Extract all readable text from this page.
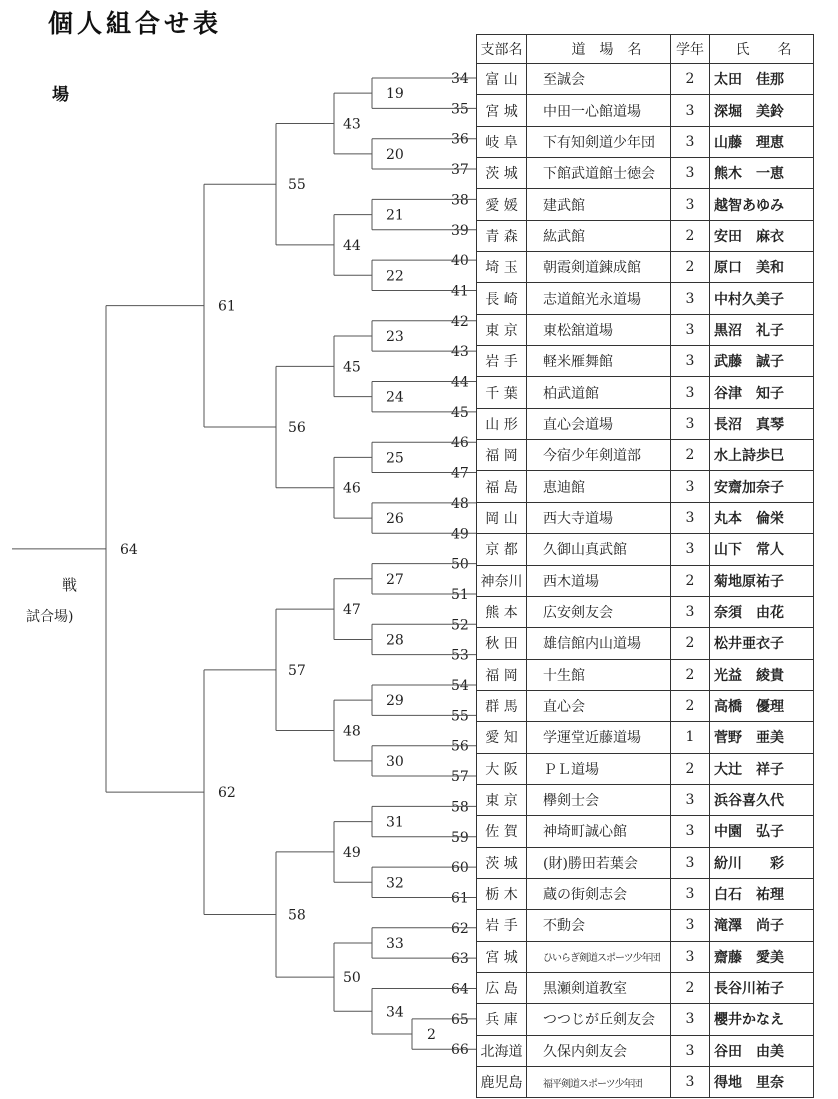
個人組合せ表
場
戦
試合場)
34
35
36
37
38
39
40
41
42
43
44
45
46
47
48
49
50
51
52
53
54
55
56
57
58
59
60
61
62
63
64
65
66
2
19
20
21
22
23
24
25
26
27
28
29
30
31
32
33
34
43
44
45
46
47
48
49
50
55
56
57
58
61
62
64
支部名	道　場　名	学年	氏　　名
富 山	至誠会	2	太田　佳那
宮 城	中田一心館道場	3	深堀　美鈴
岐 阜	下有知剣道少年団	3	山藤　理恵
茨 城	下館武道館士徳会	3	熊木　一恵
愛 媛	建武館	3	越智あゆみ
青 森	紘武館	2	安田　麻衣
埼 玉	朝霞剣道錬成館	2	原口　美和
長 崎	志道館光永道場	3	中村久美子
東 京	東松舘道場	3	黒沼　礼子
岩 手	軽米雁舞館	3	武藤　誠子
千 葉	柏武道館	3	谷津　知子
山 形	直心会道場	3	長沼　真琴
福 岡	今宿少年剣道部	2	水上詩歩巳
福 島	恵迪館	3	安齋加奈子
岡 山	西大寺道場	3	丸本　倫栄
京 都	久御山真武館	3	山下　常人
神奈川	西木道場	2	菊地原祐子
熊 本	広安剣友会	3	奈須　由花
秋 田	雄信館内山道場	2	松井亜衣子
福 岡	十生館	2	光益　綾貴
群 馬	直心会	2	高橋　優理
愛 知	学運堂近藤道場	1	菅野　亜美
大 阪	ＰＬ道場	2	大辻　祥子
東 京	欅剣士会	3	浜谷喜久代
佐 賀	神埼町誠心館	3	中園　弘子
茨 城	(財)勝田若葉会	3	紛川　　彩
栃 木	蔵の街剣志会	3	白石　祐理
岩 手	不動会	3	滝澤　尚子
宮 城	ひいらぎ剣道スポーツ少年団	3	齋藤　愛美
広 島	黒瀬剣道教室	2	長谷川祐子
兵 庫	つつじが丘剣友会	3	櫻井かなえ
北海道	久保内剣友会	3	谷田　由美
鹿児島	福平剣道スポーツ少年団	3	得地　里奈
